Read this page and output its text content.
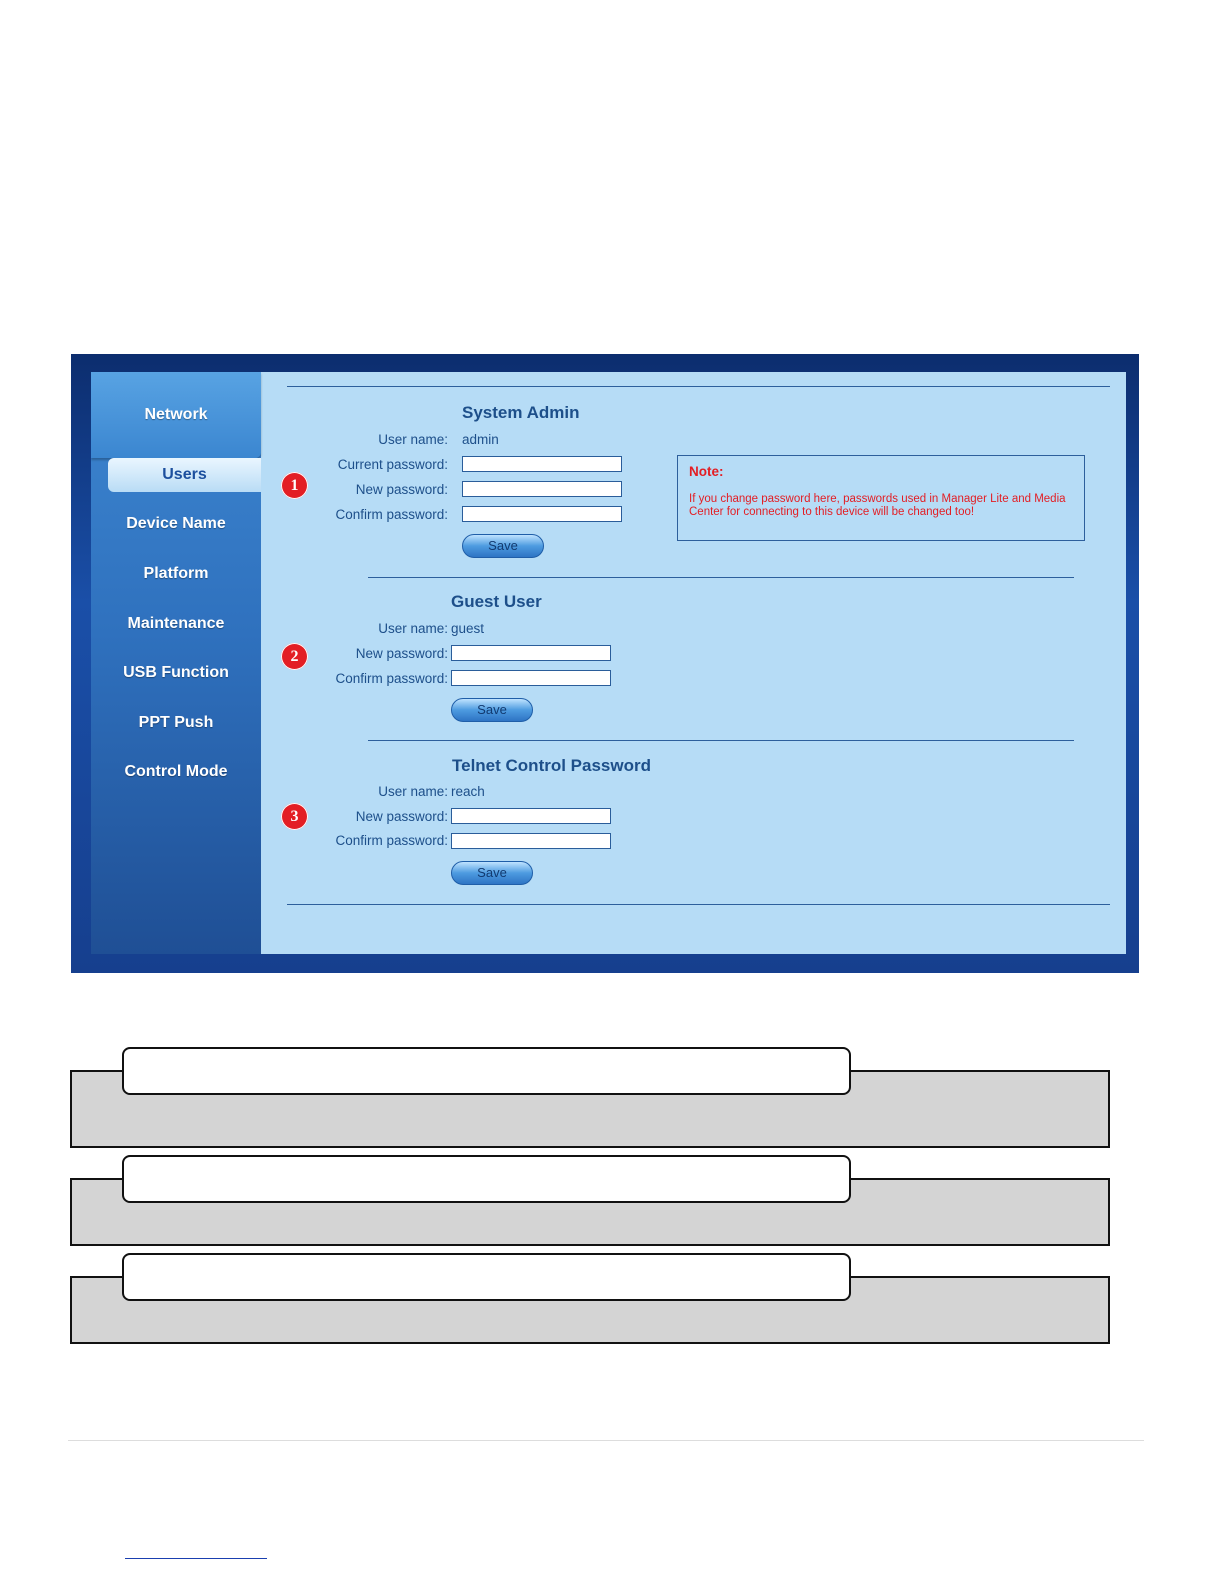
Network
Users
Device Name
Platform
Maintenance
USB Function
PPT Push
Control Mode
System Admin
User name: admin
1
Current password:
New password:
Confirm password:
Save
Note:
If you change password here, passwords used in Manager Lite and Media Center for connecting to this device will be changed too!
Guest User
User name: guest
2	New password:
Confirm password:
Save
Telnet Control Password
User name: reach
3	New password:
Confirm password:
Save
